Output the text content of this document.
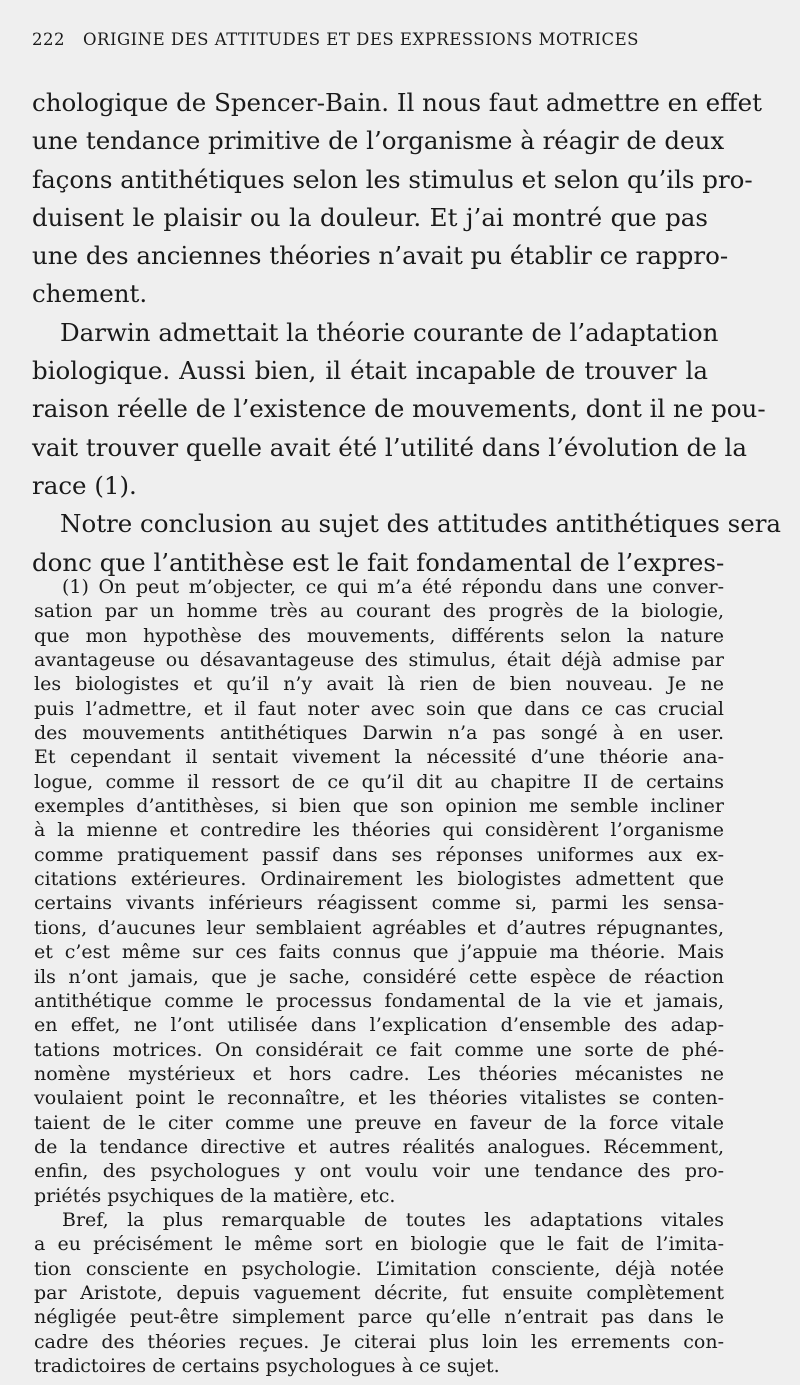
222 ORIGINE DES ATTITUDES ET DES EXPRESSIONS MOTRICES
chologique de Spencer-Bain. Il nous faut admettre en effet
une tendance primitive de l’organisme à réagir de deux
façons antithétiques selon les stimulus et selon qu’ils pro-
duisent le plaisir ou la douleur. Et j’ai montré que pas
une des anciennes théories n’avait pu établir ce rappro-
chement.
Darwin admettait la théorie courante de l’adaptation
biologique. Aussi bien, il était incapable de trouver la
raison réelle de l’existence de mouvements, dont il ne pou-
vait trouver quelle avait été l’utilité dans l’évolution de la
race (1).
Notre conclusion au sujet des attitudes antithétiques sera
donc que l’antithèse est le fait fondamental de l’expres-
(1) On peut m’objecter, ce qui m’a été répondu dans une conver-
sation par un homme très au courant des progrès de la biologie,
que mon hypothèse des mouvements, différents selon la nature
avantageuse ou désavantageuse des stimulus, était déjà admise par
les biologistes et qu’il n’y avait là rien de bien nouveau. Je ne
puis l’admettre, et il faut noter avec soin que dans ce cas crucial
des mouvements antithétiques Darwin n’a pas songé à en user.
Et cependant il sentait vivement la nécessité d’une théorie ana-
logue, comme il ressort de ce qu’il dit au chapitre II de certains
exemples d’antithèses, si bien que son opinion me semble incliner
à la mienne et contredire les théories qui considèrent l’organisme
comme pratiquement passif dans ses réponses uniformes aux ex-
citations extérieures. Ordinairement les biologistes admettent que
certains vivants inférieurs réagissent comme si, parmi les sensa-
tions, d’aucunes leur semblaient agréables et d’autres répugnantes,
et c’est même sur ces faits connus que j’appuie ma théorie. Mais
ils n’ont jamais, que je sache, considéré cette espèce de réaction
antithétique comme le processus fondamental de la vie et jamais,
en effet, ne l’ont utilisée dans l’explication d’ensemble des adap-
tations motrices. On considérait ce fait comme une sorte de phé-
nomène mystérieux et hors cadre. Les théories mécanistes ne
voulaient point le reconnaître, et les théories vitalistes se conten-
taient de le citer comme une preuve en faveur de la force vitale
de la tendance directive et autres réalités analogues. Récemment,
enfin, des psychologues y ont voulu voir une tendance des pro-
priétés psychiques de la matière, etc.
Bref, la plus remarquable de toutes les adaptations vitales
a eu précisément le même sort en biologie que le fait de l’imita-
tion consciente en psychologie. L’imitation consciente, déjà notée
par Aristote, depuis vaguement décrite, fut ensuite complètement
négligée peut-être simplement parce qu’elle n’entrait pas dans le
cadre des théories reçues. Je citerai plus loin les errements con-
tradictoires de certains psychologues à ce sujet.
